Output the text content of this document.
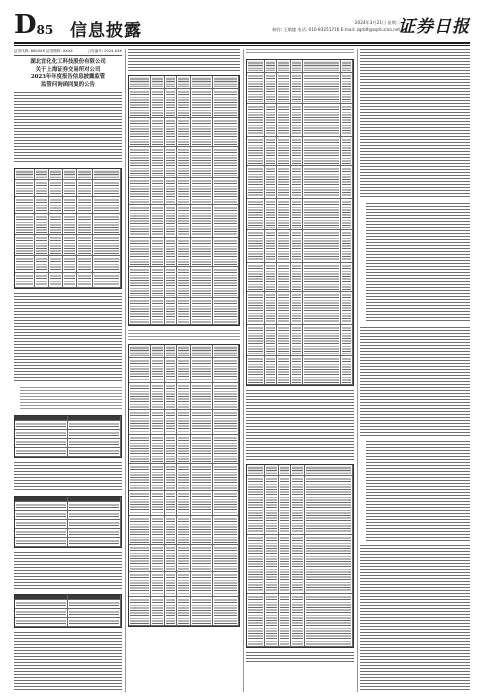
D 85 信息披露	2024年3月21日 星期二
制作: 王敏捷 电话: 010-83251716 E-mail: zqrb9@zqrb.sina.net
证券日报
证券代码: 600XXX 证券简称: XXXX	公告编号: 2024-XXX
湖北宜化化工科技股份有限公司
关于上海证券交易所对公司
2023年年度报告信息披露监管
监管问询函回复的公告
